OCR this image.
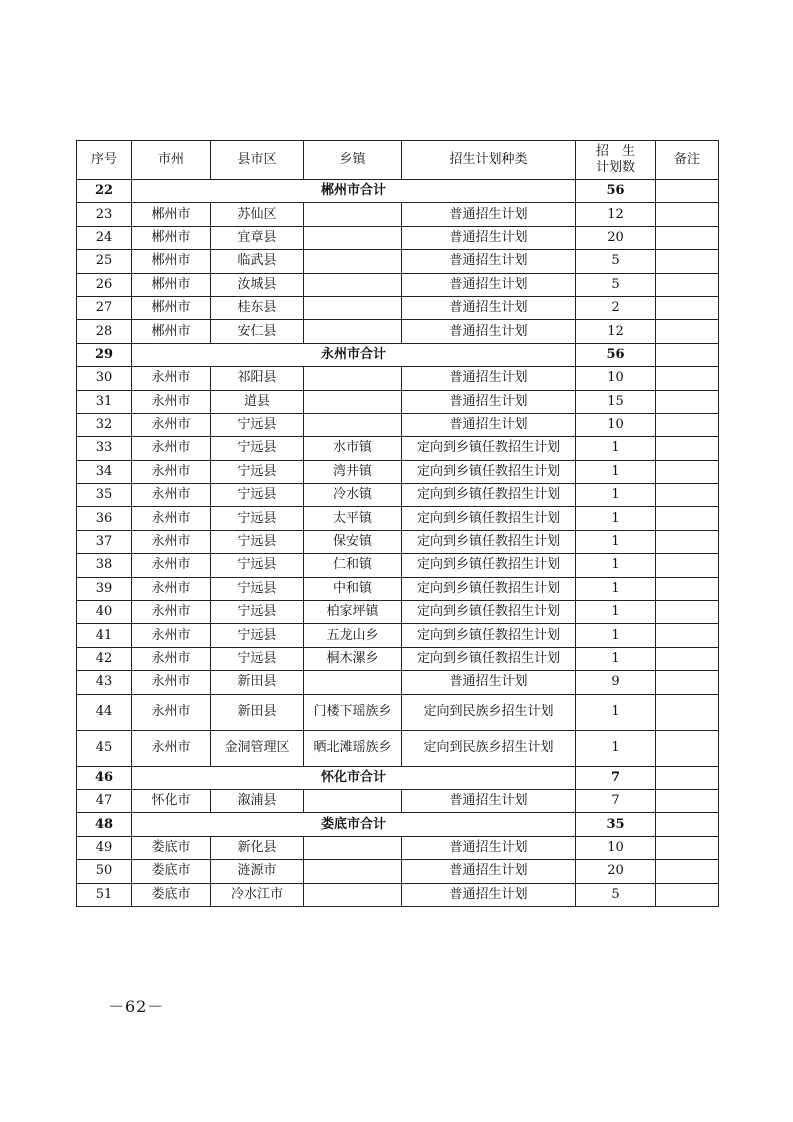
序号	市州	县市区	乡镇	招生计划种类	招　生
计划数	备注
22	郴州市合计				56	
23	郴州市	苏仙区		普通招生计划	12	
24	郴州市	宜章县		普通招生计划	20	
25	郴州市	临武县		普通招生计划	5	
26	郴州市	汝城县		普通招生计划	5	
27	郴州市	桂东县		普通招生计划	2	
28	郴州市	安仁县		普通招生计划	12	
29	永州市合计				56	
30	永州市	祁阳县		普通招生计划	10	
31	永州市	道县		普通招生计划	15	
32	永州市	宁远县		普通招生计划	10	
33	永州市	宁远县	水市镇	定向到乡镇任教招生计划	1	
34	永州市	宁远县	湾井镇	定向到乡镇任教招生计划	1	
35	永州市	宁远县	冷水镇	定向到乡镇任教招生计划	1	
36	永州市	宁远县	太平镇	定向到乡镇任教招生计划	1	
37	永州市	宁远县	保安镇	定向到乡镇任教招生计划	1	
38	永州市	宁远县	仁和镇	定向到乡镇任教招生计划	1	
39	永州市	宁远县	中和镇	定向到乡镇任教招生计划	1	
40	永州市	宁远县	柏家坪镇	定向到乡镇任教招生计划	1	
41	永州市	宁远县	五龙山乡	定向到乡镇任教招生计划	1	
42	永州市	宁远县	桐木漯乡	定向到乡镇任教招生计划	1	
43	永州市	新田县		普通招生计划	9	
44	永州市	新田县	门楼下瑶族乡	定向到民族乡招生计划	1	
45	永州市	金洞管理区	晒北滩瑶族乡	定向到民族乡招生计划	1	
46	怀化市合计				7	
47	怀化市	溆浦县		普通招生计划	7	
48	娄底市合计				35	
49	娄底市	新化县		普通招生计划	10	
50	娄底市	涟源市		普通招生计划	20	
51	娄底市	冷水江市		普通招生计划	5	
－62－
